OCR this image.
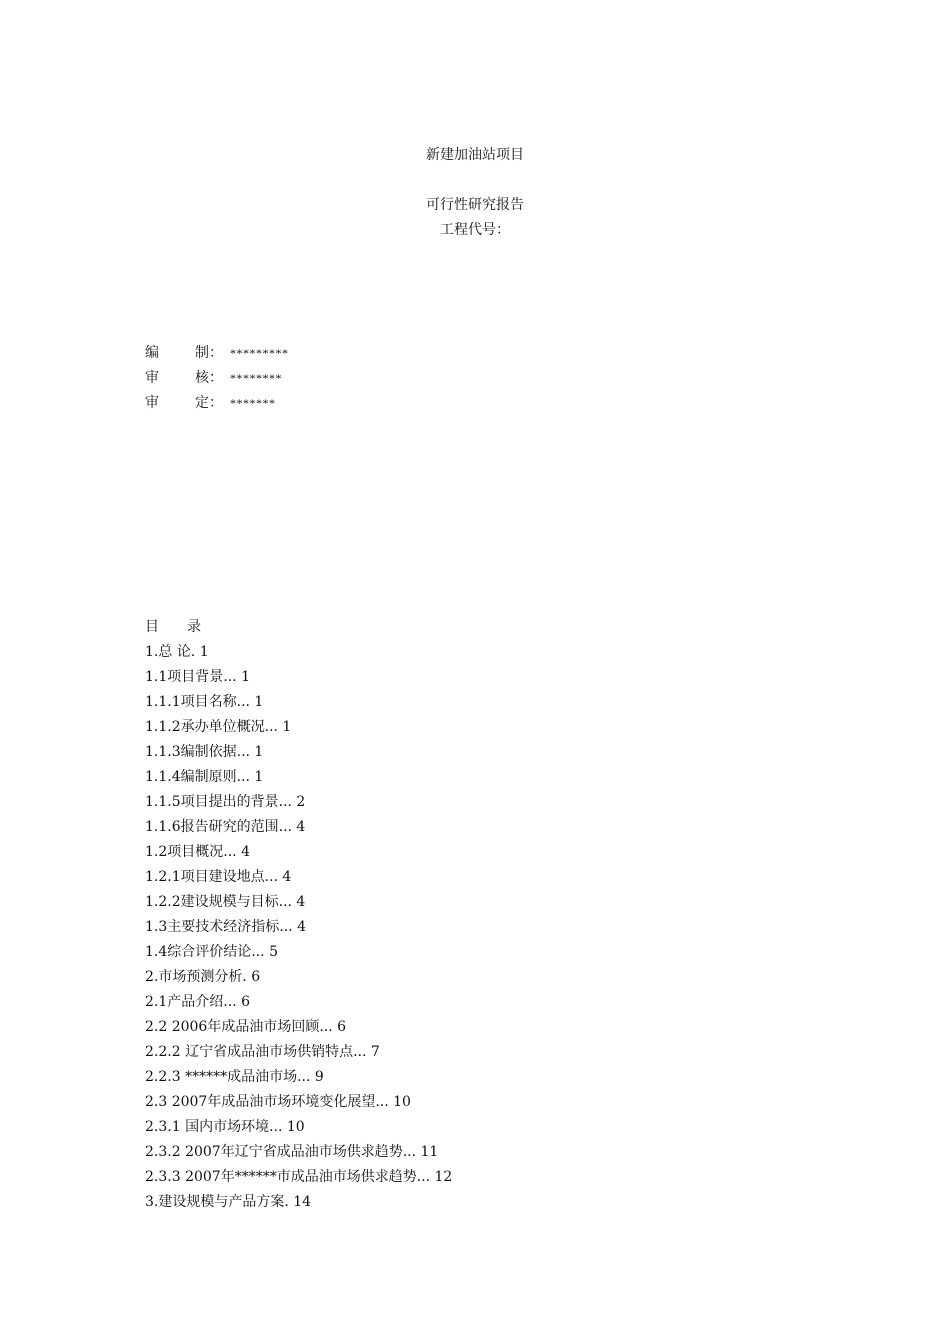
新建加油站项目
可行性研究报告
工程代号：
编	制： *********
审	核： ********
审	定： *******
目 录
1.总 论. 1
1.1项目背景... 1
1.1.1项目名称... 1
1.1.2承办单位概况... 1
1.1.3编制依据... 1
1.1.4编制原则... 1
1.1.5项目提出的背景... 2
1.1.6报告研究的范围... 4
1.2项目概况... 4
1.2.1项目建设地点... 4
1.2.2建设规模与目标... 4
1.3主要技术经济指标... 4
1.4综合评价结论... 5
2.市场预测分析. 6
2.1产品介绍... 6
2.2 2006年成品油市场回顾... 6
2.2.2 辽宁省成品油市场供销特点... 7
2.2.3 ******成品油市场... 9
2.3 2007年成品油市场环境变化展望... 10
2.3.1 国内市场环境... 10
2.3.2 2007年辽宁省成品油市场供求趋势... 11
2.3.3 2007年******市成品油市场供求趋势... 12
3.建设规模与产品方案. 14
